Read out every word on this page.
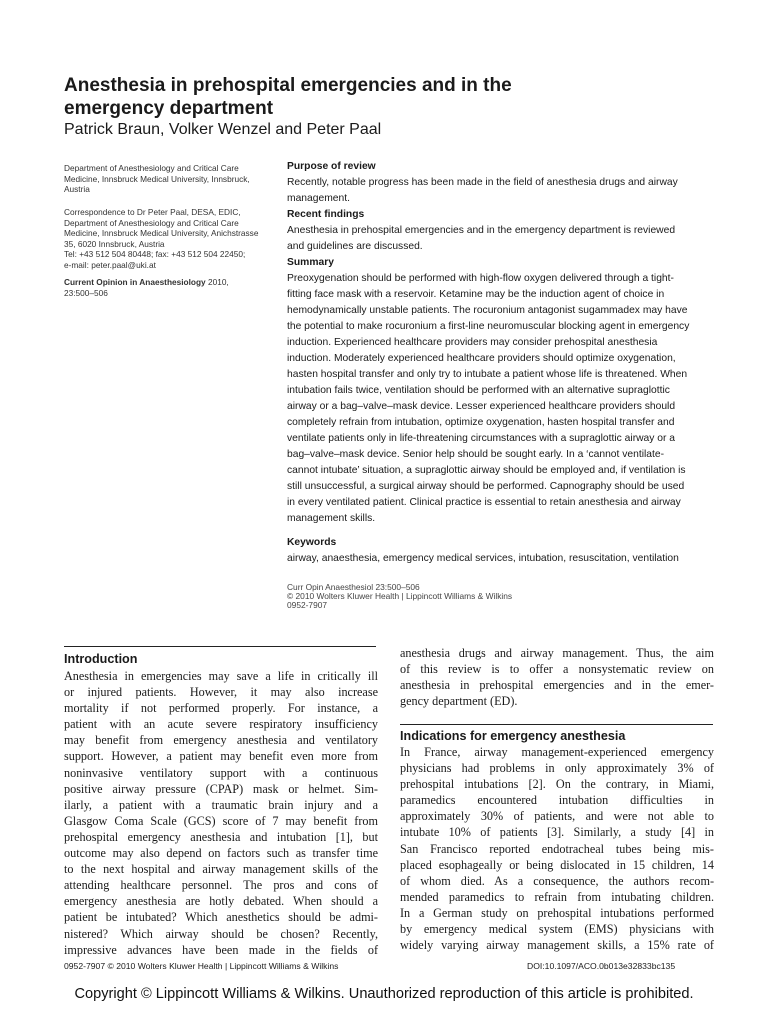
Anesthesia in prehospital emergencies and in the
emergency department
Patrick Braun, Volker Wenzel and Peter Paal
Department of Anesthesiology and Critical Care
Medicine, Innsbruck Medical University, Innsbruck,
Austria
Correspondence to Dr Peter Paal, DESA, EDIC,
Department of Anesthesiology and Critical Care
Medicine, Innsbruck Medical University, Anichstrasse
35, 6020 Innsbruck, Austria
Tel: +43 512 504 80448; fax: +43 512 504 22450;
e-mail: peter.paal@uki.at
Current Opinion in Anaesthesiology 2010,
23:500–506
Purpose of review
Recently, notable progress has been made in the field of anesthesia drugs and airway
management.
Recent findings
Anesthesia in prehospital emergencies and in the emergency department is reviewed
and guidelines are discussed.
Summary
Preoxygenation should be performed with high-flow oxygen delivered through a tight-
fitting face mask with a reservoir. Ketamine may be the induction agent of choice in
hemodynamically unstable patients. The rocuronium antagonist sugammadex may have
the potential to make rocuronium a first-line neuromuscular blocking agent in emergency
induction. Experienced healthcare providers may consider prehospital anesthesia
induction. Moderately experienced healthcare providers should optimize oxygenation,
hasten hospital transfer and only try to intubate a patient whose life is threatened. When
intubation fails twice, ventilation should be performed with an alternative supraglottic
airway or a bag–valve–mask device. Lesser experienced healthcare providers should
completely refrain from intubation, optimize oxygenation, hasten hospital transfer and
ventilate patients only in life-threatening circumstances with a supraglottic airway or a
bag–valve–mask device. Senior help should be sought early. In a ‘cannot ventilate-
cannot intubate’ situation, a supraglottic airway should be employed and, if ventilation is
still unsuccessful, a surgical airway should be performed. Capnography should be used
in every ventilated patient. Clinical practice is essential to retain anesthesia and airway
management skills.
Keywords
airway, anaesthesia, emergency medical services, intubation, resuscitation, ventilation
Curr Opin Anaesthesiol 23:500–506
© 2010 Wolters Kluwer Health | Lippincott Williams & Wilkins
0952-7907
Introduction
Anesthesia in emergencies may save a life in critically ill
or injured patients. However, it may also increase
mortality if not performed properly. For instance, a
patient with an acute severe respiratory insufficiency
may benefit from emergency anesthesia and ventilatory
support. However, a patient may benefit even more from
noninvasive ventilatory support with a continuous
positive airway pressure (CPAP) mask or helmet. Sim-
ilarly, a patient with a traumatic brain injury and a
Glasgow Coma Scale (GCS) score of 7 may benefit from
prehospital emergency anesthesia and intubation [1], but
outcome may also depend on factors such as transfer time
to the next hospital and airway management skills of the
attending healthcare personnel. The pros and cons of
emergency anesthesia are hotly debated. When should a
patient be intubated? Which anesthetics should be admi-
nistered? Which airway should be chosen? Recently,
impressive advances have been made in the fields of
anesthesia drugs and airway management. Thus, the aim
of this review is to offer a nonsystematic review on
anesthesia in prehospital emergencies and in the emer-
gency department (ED).
Indications for emergency anesthesia
In France, airway management-experienced emergency
physicians had problems in only approximately 3% of
prehospital intubations [2]. On the contrary, in Miami,
paramedics encountered intubation difficulties in
approximately 30% of patients, and were not able to
intubate 10% of patients [3]. Similarly, a study [4] in
San Francisco reported endotracheal tubes being mis-
placed esophageally or being dislocated in 15 children, 14
of whom died. As a consequence, the authors recom-
mended paramedics to refrain from intubating children.
In a German study on prehospital intubations performed
by emergency medical system (EMS) physicians with
widely varying airway management skills, a 15% rate of
0952-7907 © 2010 Wolters Kluwer Health | Lippincott Williams & Wilkins	DOI:10.1097/ACO.0b013e32833bc135
Copyright © Lippincott Williams & Wilkins. Unauthorized reproduction of this article is prohibited.
